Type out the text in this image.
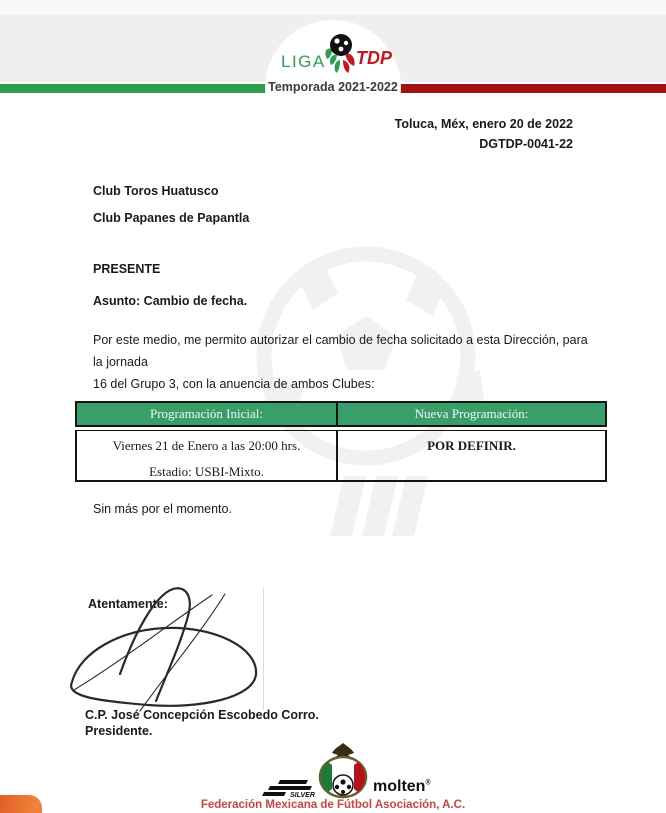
LIGA TDP
Temporada 2021-2022
Toluca, Méx, enero 20 de 2022
DGTDP-0041-22
Club Toros Huatusco
Club Papanes de Papantla
PRESENTE
Asunto: Cambio de fecha.
Por este medio, me permito autorizar el cambio de fecha solicitado a esta Dirección, para la jornada
16 del Grupo 3, con la anuencia de ambos Clubes:
Programación Inicial:	Nueva Programación:
Viernes 21 de Enero a las 20:00 hrs.
Estadio: USBI-Mixto.
POR DEFINIR.
Sin más por el momento.
Atentamente:
C.P. José Concepción Escobedo Corro.
Presidente.
SILVER
molten®
Federación Mexicana de Fútbol Asociación, A.C.
